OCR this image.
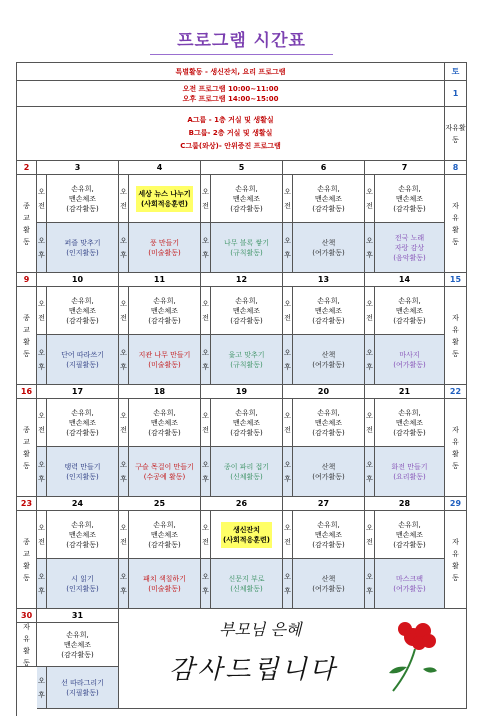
프로그램 시간표
특별활동 - 생신잔치, 요리 프로그램	토
오전 프로그램 10:00~11:00
오후 프로그램 14:00~15:00
1
A그룹 - 1층 거실 및 생활실
B그룹- 2층 거실 및 생활실
C그룹(와상)- 안위증진 프로그램
자유활동
2
종교활동
8
자유활동
3
오전
손유희,
맨손체조
(감각활동)
오후
퍼즐 맞추기
(인지활동)
4
오전
세상 뉴스 나누기
(사회적응훈련)
오후
풍 만들기
(미술활동)
5
오전
손유희,
맨손체조
(감각활동)
오후
나무 블록 쌓기
(규칙활동)
6
오전
손유희,
맨손체조
(감각활동)
오후
산책
(여가활동)
7
오전
손유희,
맨손체조
(감각활동)
오후
전국 노래
자랑 감상
(음악활동)
9
종교활동
15
자유활동
10
오전
손유희,
맨손체조
(감각활동)
오후
단어 따라쓰기
(지필활동)
11
오전
손유희,
맨손체조
(감각활동)
오후
지관 나무 만들기
(미술활동)
12
오전
손유희,
맨손체조
(감각활동)
오후
윷고 맞추기
(규칙활동)
13
오전
손유희,
맨손체조
(감각활동)
오후
산책
(여가활동)
14
오전
손유희,
맨손체조
(감각활동)
오후
마사지
(여가활동)
16
종교활동
22
자유활동
17
오전
손유희,
맨손체조
(감각활동)
오후
탱력 만들기
(인지활동)
18
오전
손유희,
맨손체조
(감각활동)
오후
구슬 목걸이 만들기
(수공예 활동)
19
오전
손유희,
맨손체조
(감각활동)
오후
종이 파리 접기
(신체활동)
20
오전
손유희,
맨손체조
(감각활동)
오후
산책
(여가활동)
21
오전
손유희,
맨손체조
(감각활동)
오후
화전 만들기
(요리활동)
23
종교활동
29
자유활동
24
오전
손유희,
맨손체조
(감각활동)
오후
시 읽기
(인지활동)
25
오전
손유희,
맨손체조
(감각활동)
오후
패치 색칠하기
(미술활동)
26
오전
생신잔치
(사회적응훈련)
오후
신문지 부로
(신체활동)
27
오전
손유희,
맨손체조
(감각활동)
오후
산책
(여가활동)
28
오전
손유희,
맨손체조
(감각활동)
오후
마스크팩
(여가활동)
30	31
자유활동
손유희,
맨손체조
(감각활동)
오후
선 따라그리기
(지필활동)
부모님 은혜
감사드립니다
